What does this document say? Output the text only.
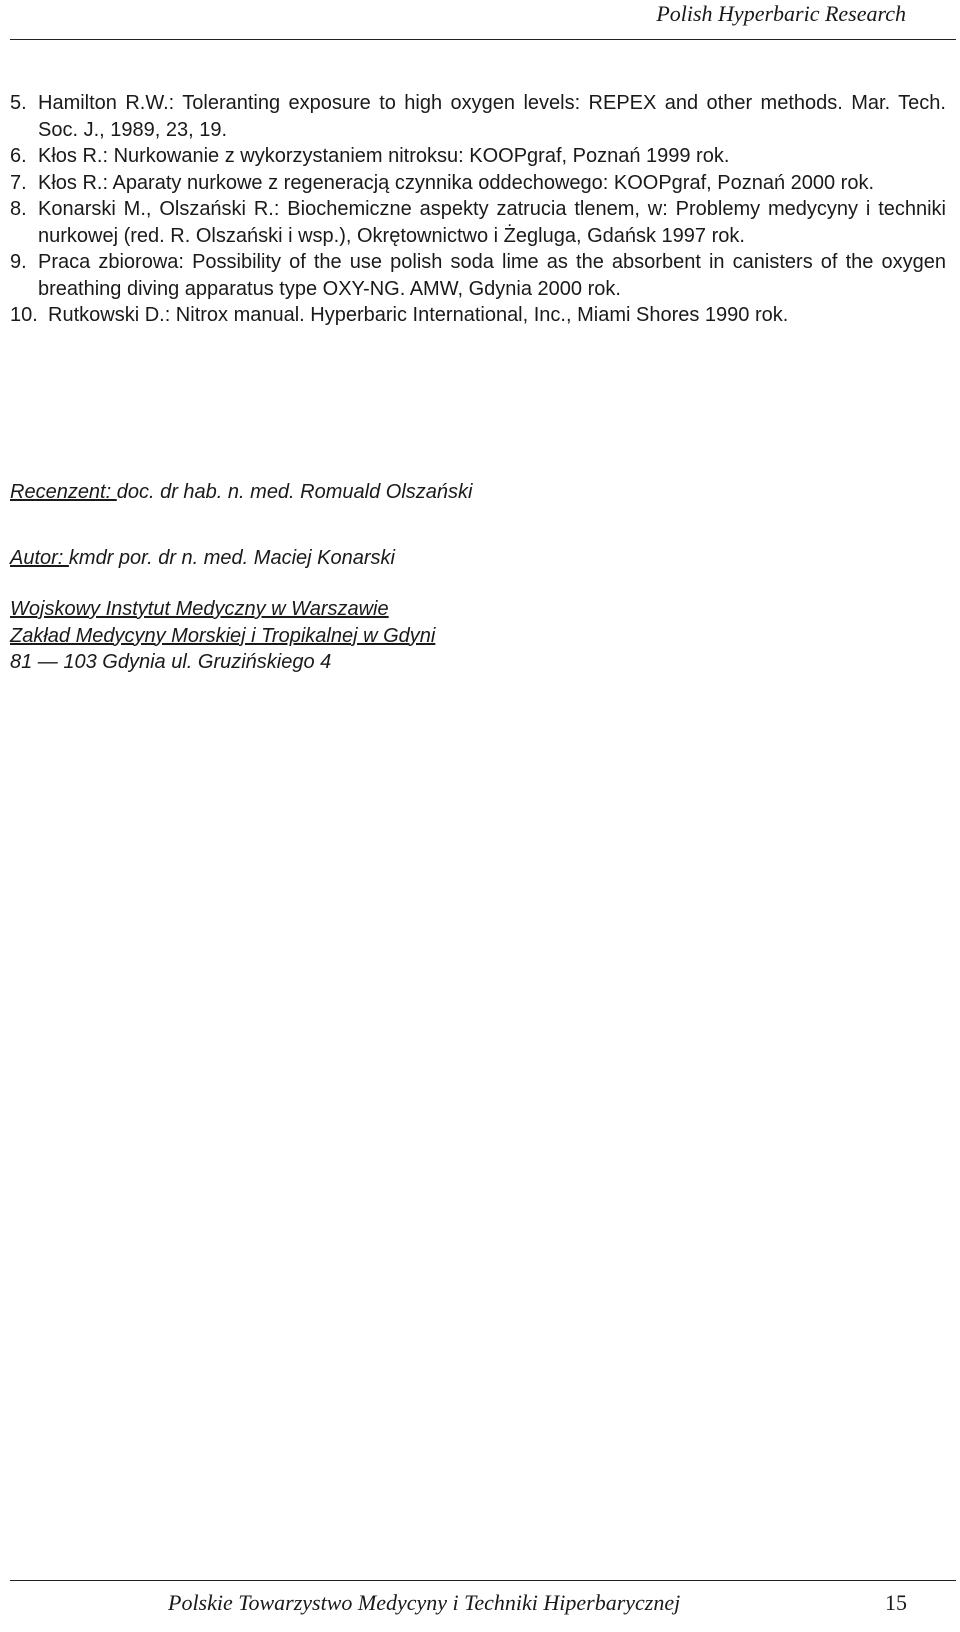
Polish Hyperbaric Research
5. Hamilton R.W.: Toleranting exposure to high oxygen levels: REPEX and other methods. Mar. Tech. Soc. J., 1989, 23, 19.
6. Kłos R.: Nurkowanie z wykorzystaniem nitroksu: KOOPgraf, Poznań 1999 rok.
7. Kłos R.: Aparaty nurkowe z regeneracją czynnika oddechowego: KOOPgraf, Poznań 2000 rok.
8. Konarski M., Olszański R.: Biochemiczne aspekty zatrucia tlenem, w: Problemy medycyny i techniki nurkowej (red. R. Olszański i wsp.), Okrętownictwo i Żegluga, Gdańsk 1997 rok.
9. Praca zbiorowa: Possibility of the use polish soda lime as the absorbent in canisters of the oxygen breathing diving apparatus type OXY-NG. AMW, Gdynia 2000 rok.
10. Rutkowski D.: Nitrox manual. Hyperbaric International, Inc., Miami Shores 1990 rok.
Recenzent: doc. dr hab. n. med. Romuald Olszański
Autor: kmdr por. dr n. med. Maciej Konarski
Wojskowy Instytut Medyczny w Warszawie
Zakład Medycyny Morskiej i Tropikalnej w Gdyni
81 — 103 Gdynia ul. Gruzińskiego 4
Polskie Towarzystwo Medycyny i Techniki Hiperbarycznej	15
